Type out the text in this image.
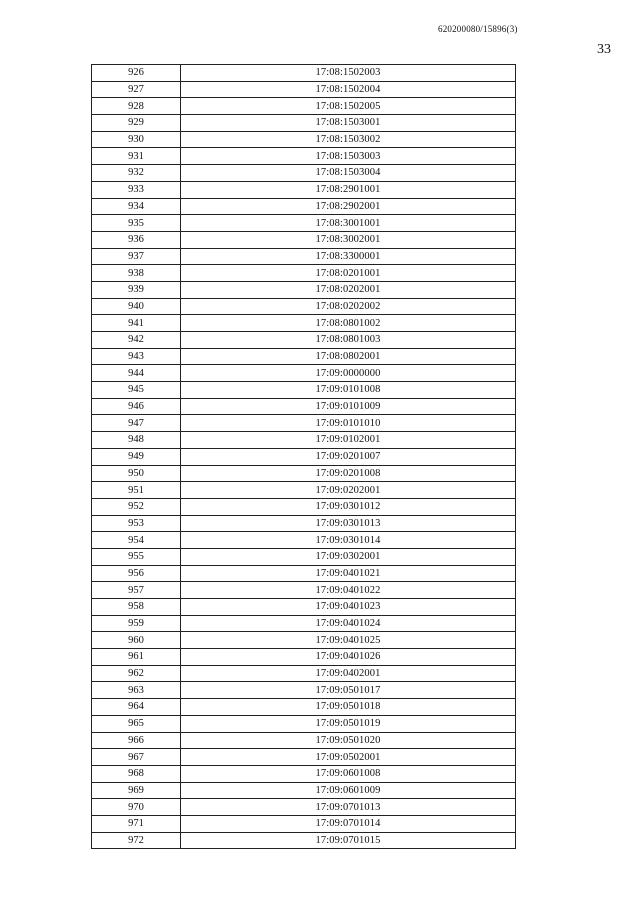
620200080/15896(3)
33
926	17:08:1502003
927	17:08:1502004
928	17:08:1502005
929	17:08:1503001
930	17:08:1503002
931	17:08:1503003
932	17:08:1503004
933	17:08:2901001
934	17:08:2902001
935	17:08:3001001
936	17:08:3002001
937	17:08:3300001
938	17:08:0201001
939	17:08:0202001
940	17:08:0202002
941	17:08:0801002
942	17:08:0801003
943	17:08:0802001
944	17:09:0000000
945	17:09:0101008
946	17:09:0101009
947	17:09:0101010
948	17:09:0102001
949	17:09:0201007
950	17:09:0201008
951	17:09:0202001
952	17:09:0301012
953	17:09:0301013
954	17:09:0301014
955	17:09:0302001
956	17:09:0401021
957	17:09:0401022
958	17:09:0401023
959	17:09:0401024
960	17:09:0401025
961	17:09:0401026
962	17:09:0402001
963	17:09:0501017
964	17:09:0501018
965	17:09:0501019
966	17:09:0501020
967	17:09:0502001
968	17:09:0601008
969	17:09:0601009
970	17:09:0701013
971	17:09:0701014
972	17:09:0701015
